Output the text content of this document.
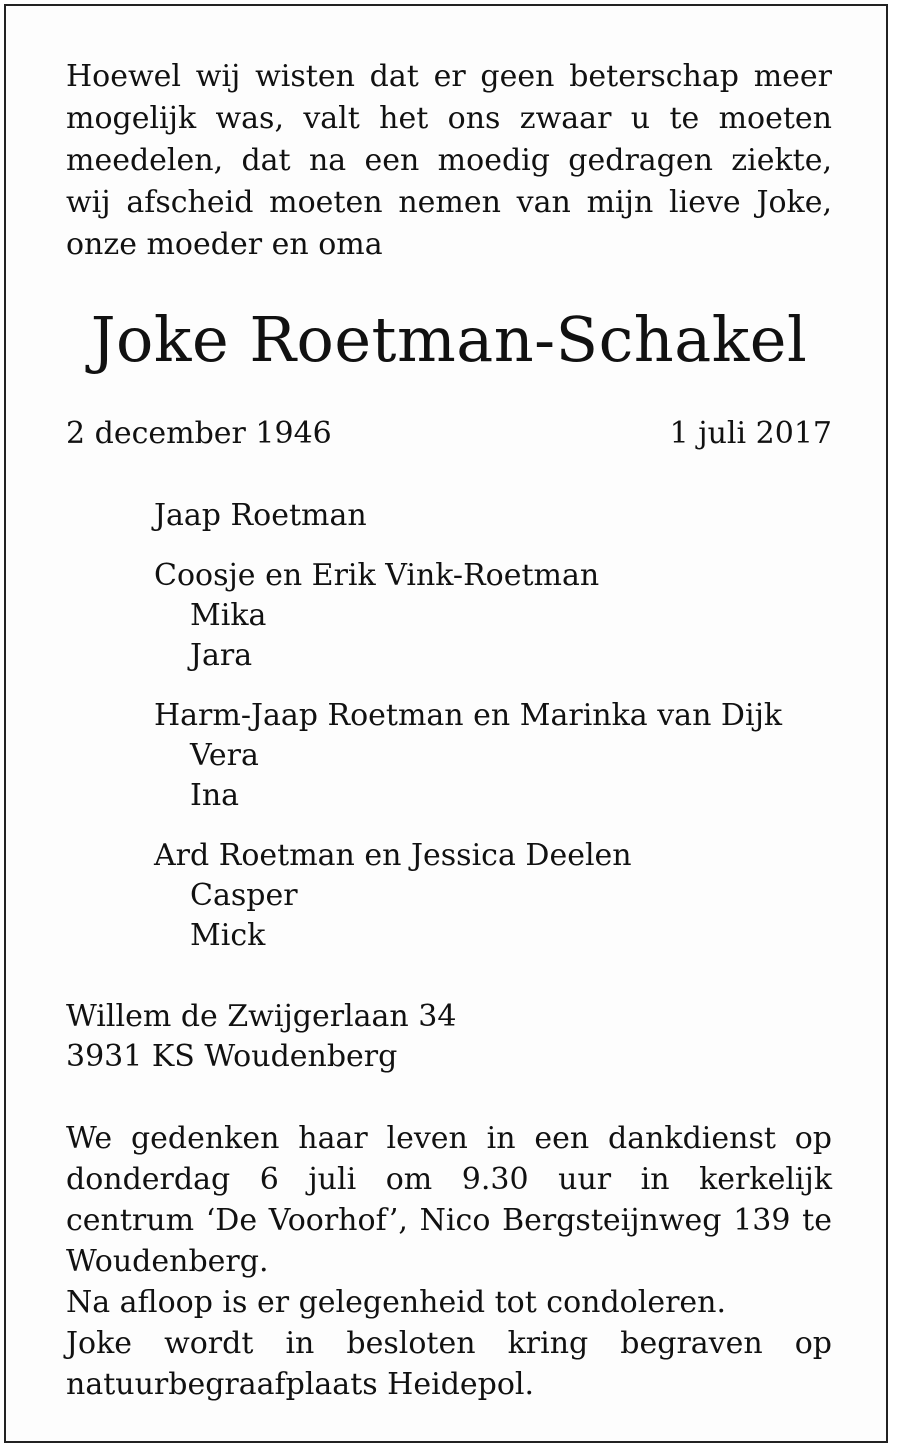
Hoewel wij wisten dat er geen beterschap meer
mogelijk was, valt het ons zwaar u te moeten
meedelen, dat na een moedig gedragen ziekte,
wij afscheid moeten nemen van mijn lieve Joke,
onze moeder en oma
Joke Roetman-Schakel
2 december 1946	1 juli 2017
Jaap Roetman
Coosje en Erik Vink-Roetman
Mika
Jara
Harm-Jaap Roetman en Marinka van Dijk
Vera
Ina
Ard Roetman en Jessica Deelen
Casper
Mick
Willem de Zwijgerlaan 34
3931 KS Woudenberg
We gedenken haar leven in een dankdienst op
donderdag 6 juli om 9.30 uur in kerkelijk
centrum ‘De Voorhof’, Nico Bergsteijnweg 139 te
Woudenberg.
Na afloop is er gelegenheid tot condoleren.
Joke wordt in besloten kring begraven op
natuurbegraafplaats Heidepol.
